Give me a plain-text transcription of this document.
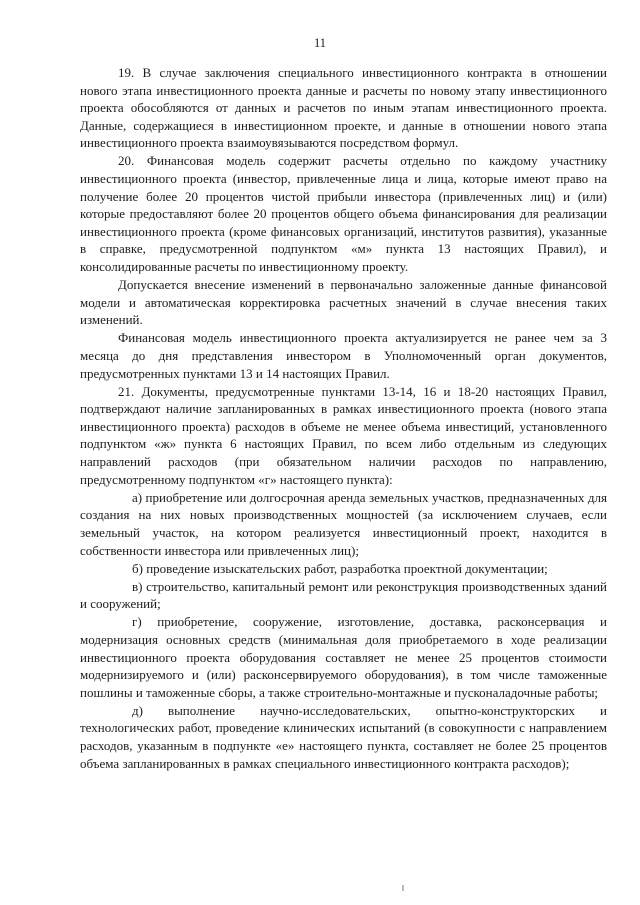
11

19. В случае заключения специального инвестиционного контракта в отношении нового этапа инвестиционного проекта данные и расчеты по новому этапу инвестиционного проекта обособляются от данных и расчетов по иным этапам инвестиционного проекта. Данные, содержащиеся в инвестиционном проекте, и данные в отношении нового этапа инвестиционного проекта взаимоувязываются посредством формул.

20. Финансовая модель содержит расчеты отдельно по каждому участнику инвестиционного проекта (инвестор, привлеченные лица и лица, которые имеют право на получение более 20 процентов чистой прибыли инвестора (привлеченных лиц) и (или) которые предоставляют более 20 процентов общего объема финансирования для реализации инвестиционного проекта (кроме финансовых организаций, институтов развития), указанные в справке, предусмотренной подпунктом «м» пункта 13 настоящих Правил), и консолидированные расчеты по инвестиционному проекту.

Допускается внесение изменений в первоначально заложенные данные финансовой модели и автоматическая корректировка расчетных значений в случае внесения таких изменений.

Финансовая модель инвестиционного проекта актуализируется не ранее чем за 3 месяца до дня представления инвестором в Уполномоченный орган документов, предусмотренных пунктами 13 и 14 настоящих Правил.

21. Документы, предусмотренные пунктами 13-14, 16 и 18-20 настоящих Правил, подтверждают наличие запланированных в рамках инвестиционного проекта (нового этапа инвестиционного проекта) расходов в объеме не менее объема инвестиций, установленного подпунктом «ж» пункта 6 настоящих Правил, по всем либо отдельным из следующих направлений расходов (при обязательном наличии расходов по направлению, предусмотренному подпунктом «г» настоящего пункта):

а) приобретение или долгосрочная аренда земельных участков, предназначенных для создания на них новых производственных мощностей (за исключением случаев, если земельный участок, на котором реализуется инвестиционный проект, находится в собственности инвестора или привлеченных лиц);

б) проведение изыскательских работ, разработка проектной документации;

в) строительство, капитальный ремонт или реконструкция производственных зданий и сооружений;

г) приобретение, сооружение, изготовление, доставка, расконсервация и модернизация основных средств (минимальная доля приобретаемого в ходе реализации инвестиционного проекта оборудования составляет не менее 25 процентов стоимости модернизируемого и (или) расконсервируемого оборудования), в том числе таможенные пошлины и таможенные сборы, а также строительно-монтажные и пусконаладочные работы;

д) выполнение научно-исследовательских, опытно-конструкторских и технологических работ, проведение клинических испытаний (в совокупности с направлением расходов, указанным в подпункте «е» настоящего пункта, составляет не более 25 процентов объема запланированных в рамках специального инвестиционного контракта расходов);
